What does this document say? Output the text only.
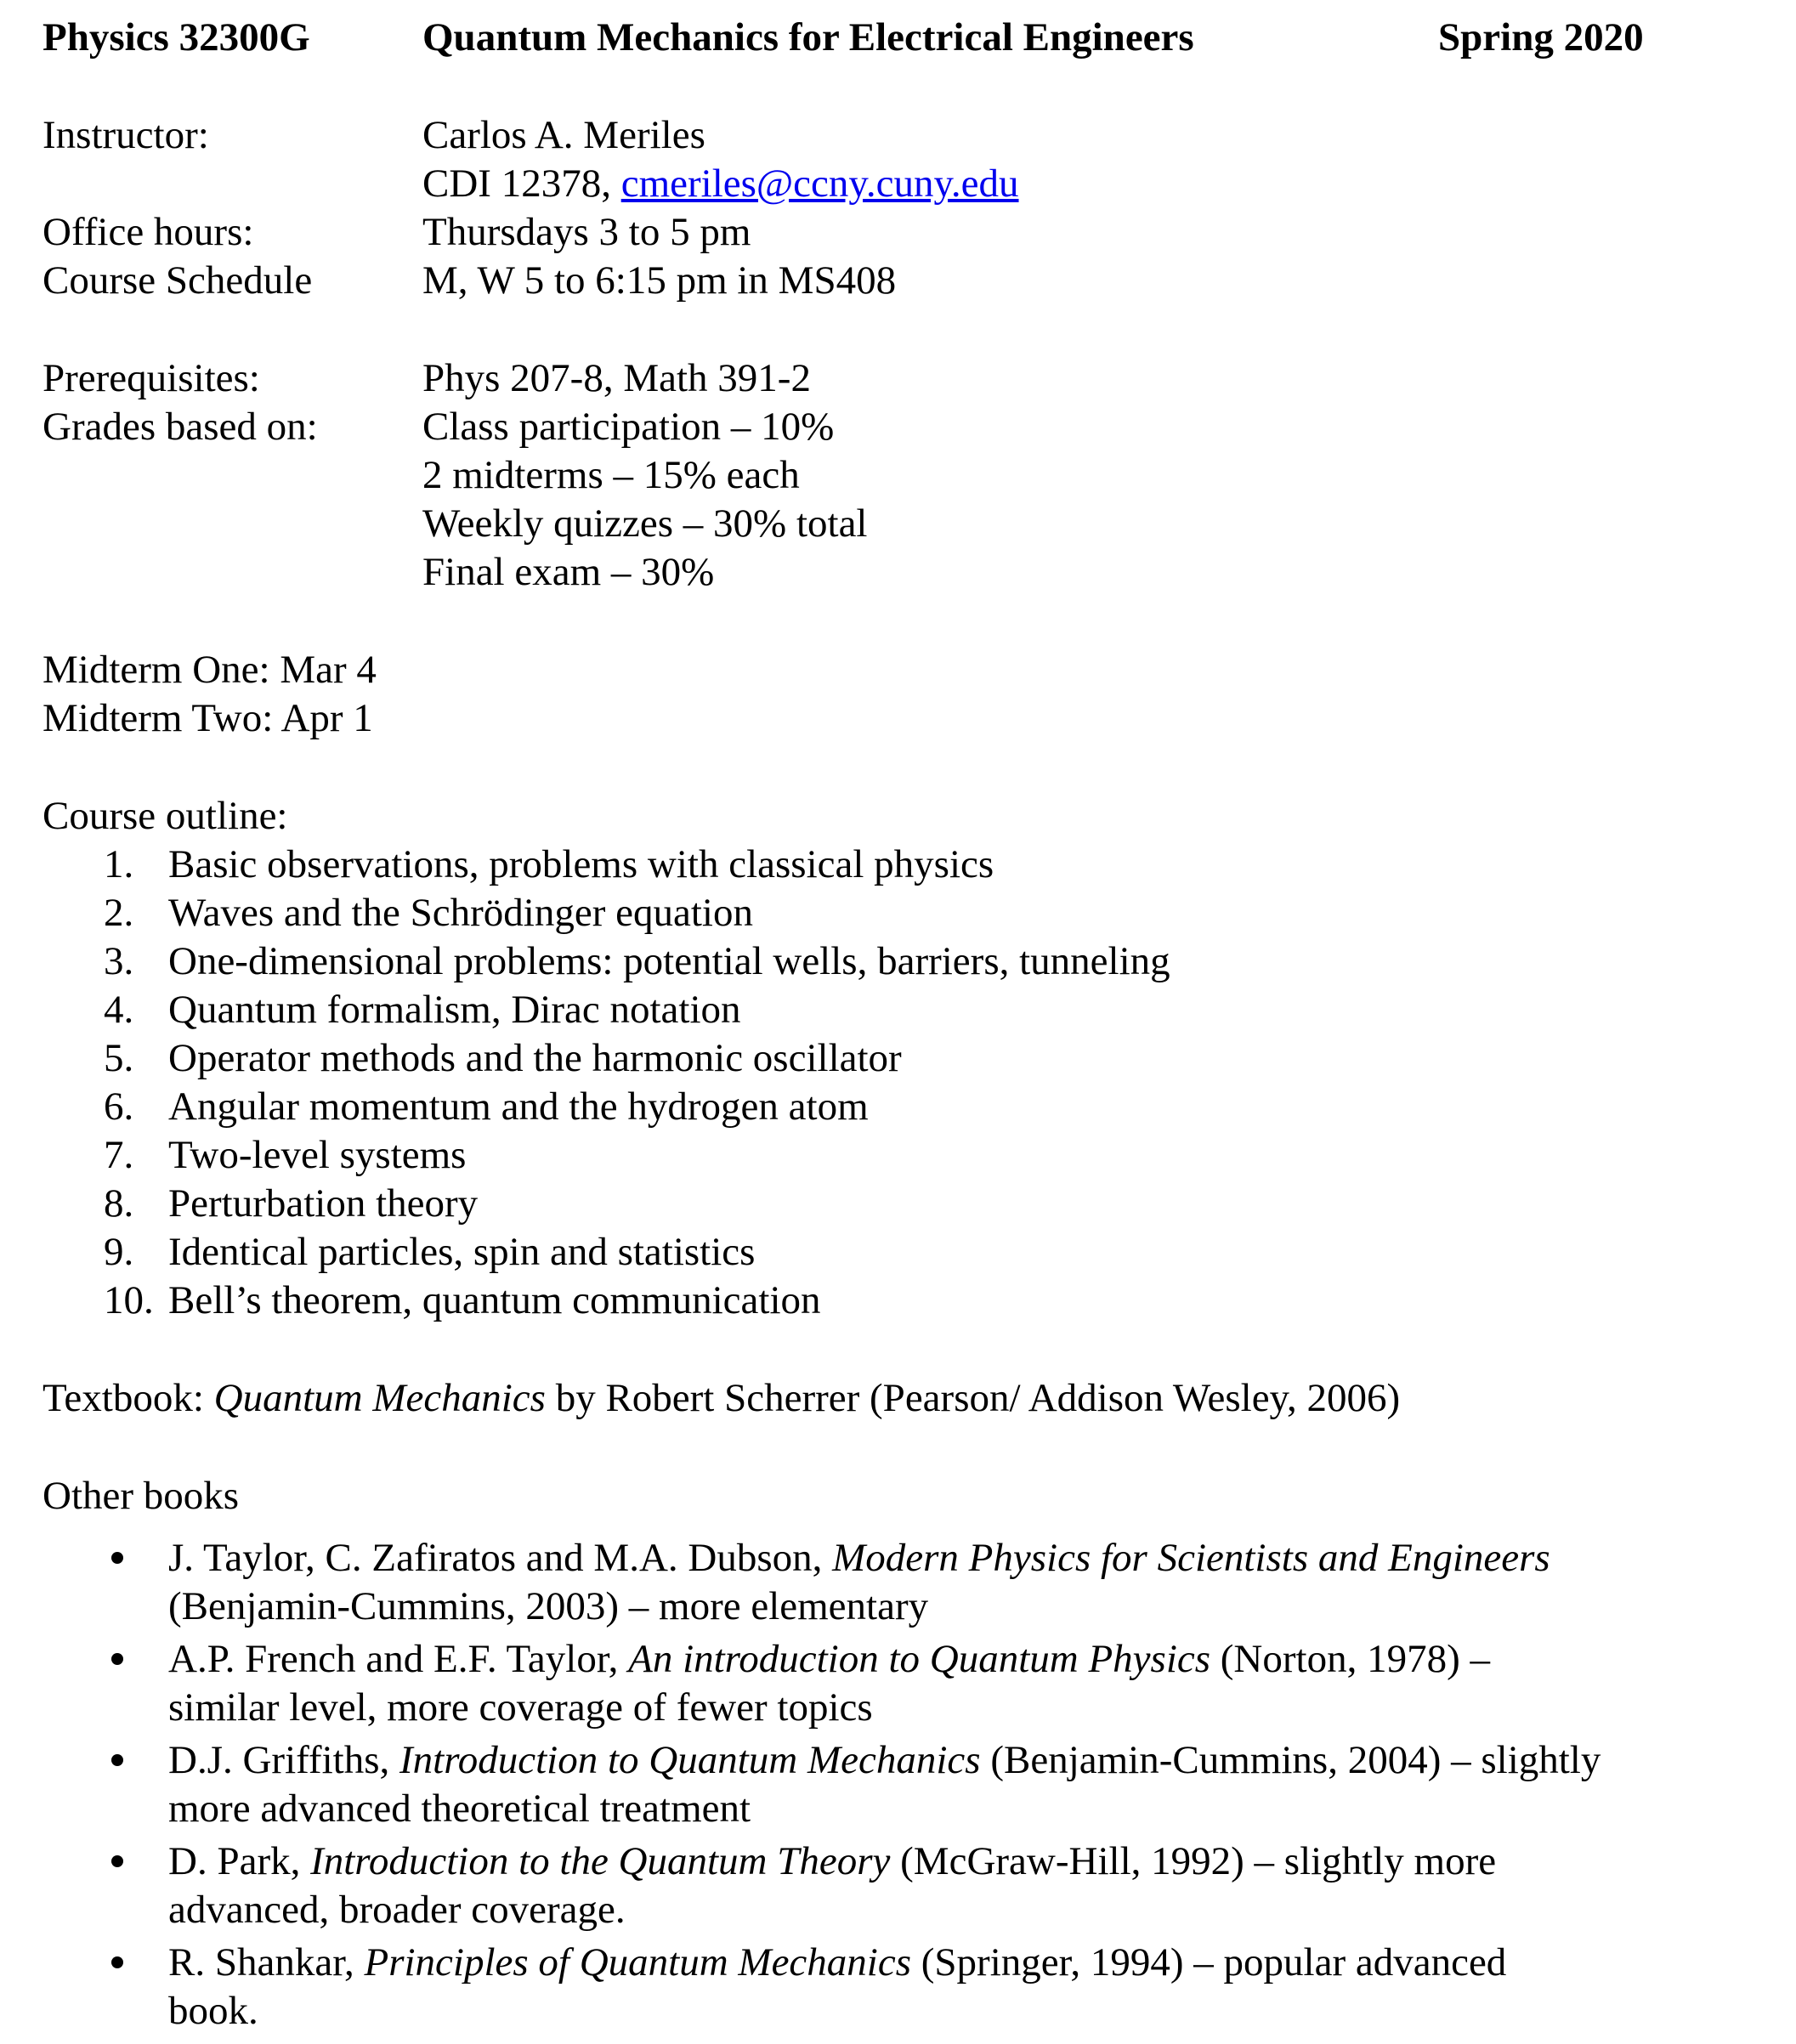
Physics 32300G	Quantum Mechanics for Electrical Engineers	Spring 2020
Instructor:	Carlos A. Meriles
CDI 12378, cmeriles@ccny.cuny.edu
Office hours:	Thursdays 3 to 5 pm
Course Schedule	M, W 5 to 6:15 pm in MS408
Prerequisites:	Phys 207-8, Math 391-2
Grades based on:	Class participation – 10%
2 midterms – 15% each
Weekly quizzes – 30% total
Final exam – 30%
Midterm One: Mar 4
Midterm Two: Apr 1
Course outline:
1. Basic observations, problems with classical physics
2. Waves and the Schrödinger equation
3. One-dimensional problems: potential wells, barriers, tunneling
4. Quantum formalism, Dirac notation
5. Operator methods and the harmonic oscillator
6. Angular momentum and the hydrogen atom
7. Two-level systems
8. Perturbation theory
9. Identical particles, spin and statistics
10. Bell’s theorem, quantum communication
Textbook: Quantum Mechanics by Robert Scherrer (Pearson/ Addison Wesley, 2006)
Other books
J. Taylor, C. Zafiratos and M.A. Dubson, Modern Physics for Scientists and Engineers
(Benjamin-Cummins, 2003) – more elementary
A.P. French and E.F. Taylor, An introduction to Quantum Physics (Norton, 1978) –
similar level, more coverage of fewer topics
D.J. Griffiths, Introduction to Quantum Mechanics (Benjamin-Cummins, 2004) – slightly
more advanced theoretical treatment
D. Park, Introduction to the Quantum Theory (McGraw-Hill, 1992) – slightly more
advanced, broader coverage.
R. Shankar, Principles of Quantum Mechanics (Springer, 1994) – popular advanced
book.
